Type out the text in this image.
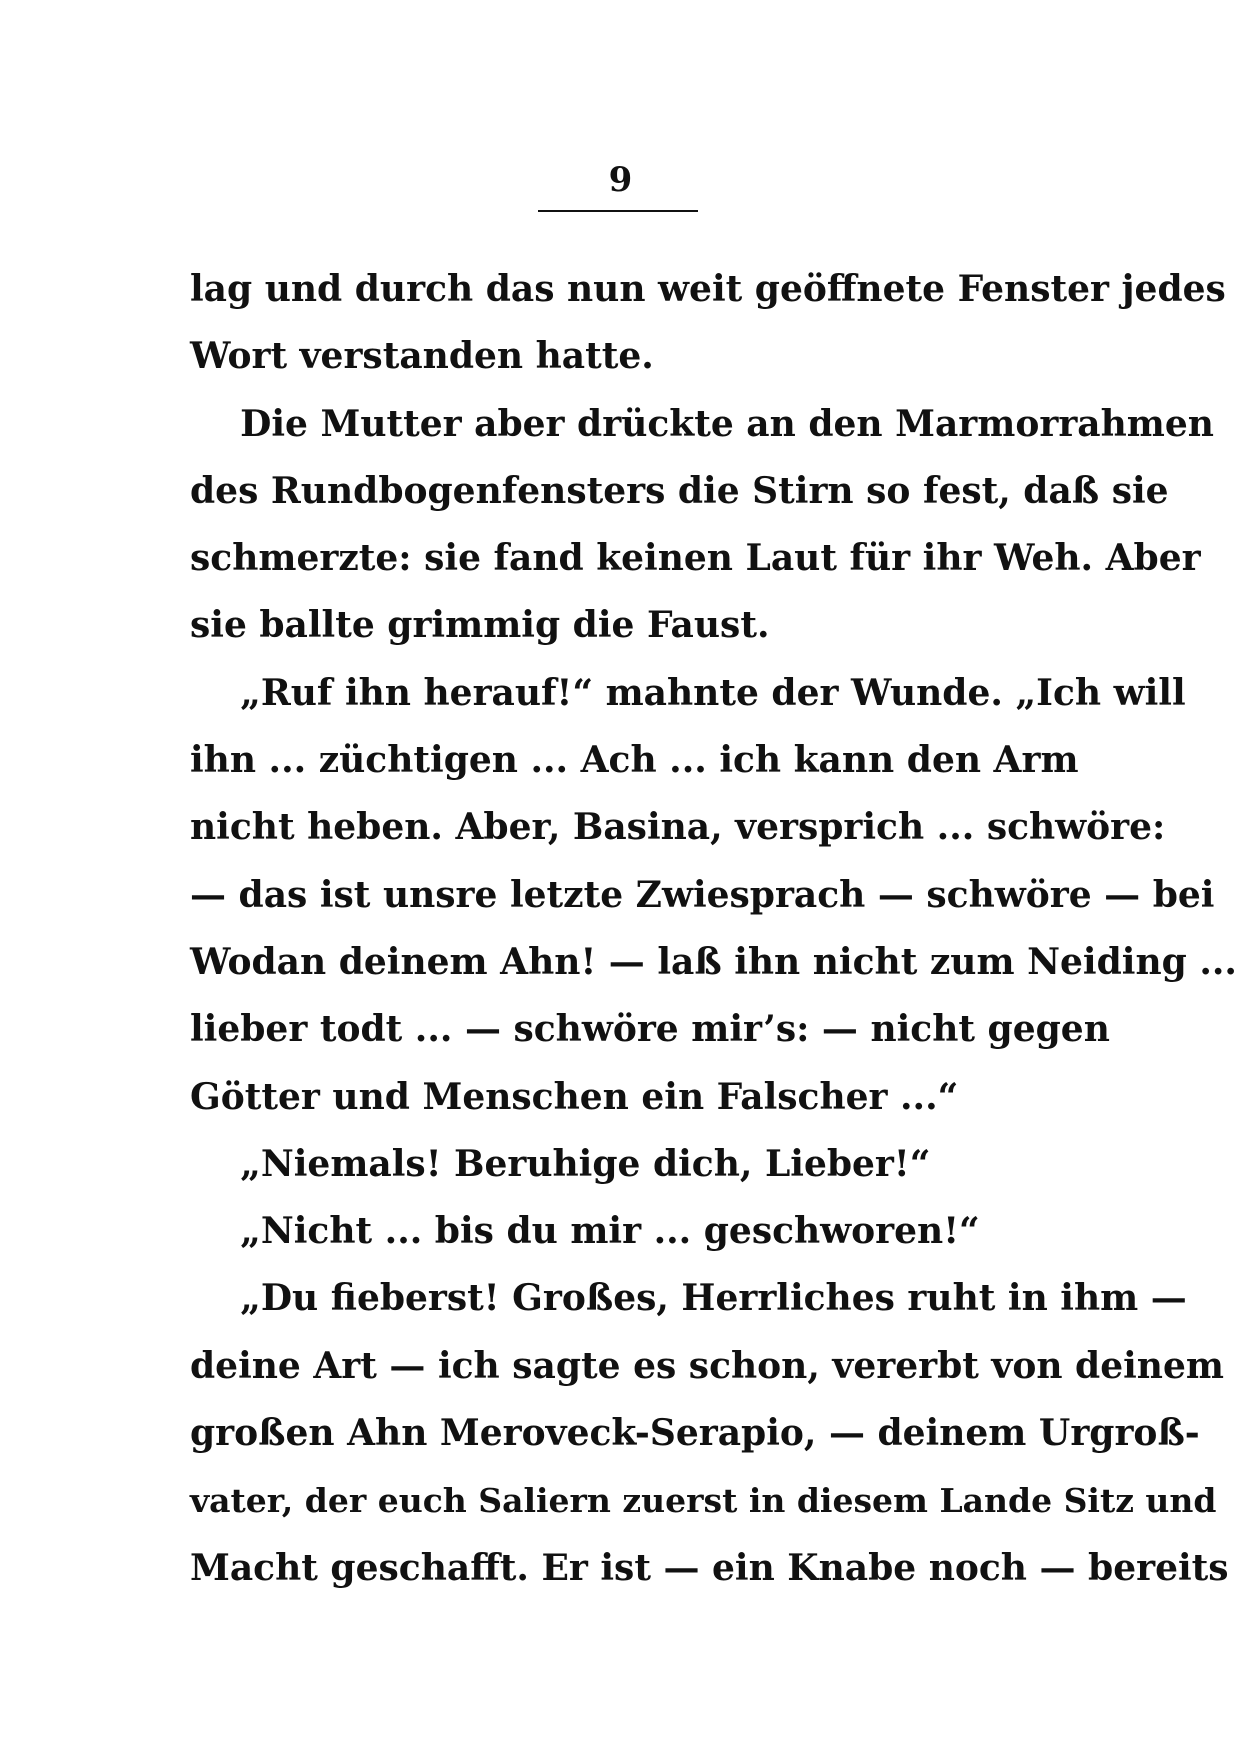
9
lag und durch das nun weit geöffnete Fenster jedes
Wort verstanden hatte.
Die Mutter aber drückte an den Marmorrahmen
des Rundbogenfensters die Stirn so fest, daß sie
schmerzte: sie fand keinen Laut für ihr Weh. Aber
sie ballte grimmig die Faust.
„Ruf ihn herauf!“ mahnte der Wunde. „Ich will
ihn ... züchtigen ... Ach ... ich kann den Arm
nicht heben. Aber, Basina, versprich ... schwöre:
— das ist unsre letzte Zwiesprach — schwöre — bei
Wodan deinem Ahn! — laß ihn nicht zum Neiding ...
lieber todt ... — schwöre mir’s: — nicht gegen
Götter und Menschen ein Falscher ...“
„Niemals! Beruhige dich, Lieber!“
„Nicht ... bis du mir ... geschworen!“
„Du fieberst! Großes, Herrliches ruht in ihm —
deine Art — ich sagte es schon, vererbt von deinem
großen Ahn Meroveck-Serapio, — deinem Urgroß-
vater, der euch Saliern zuerst in diesem Lande Sitz und
Macht geschafft. Er ist — ein Knabe noch — bereits
